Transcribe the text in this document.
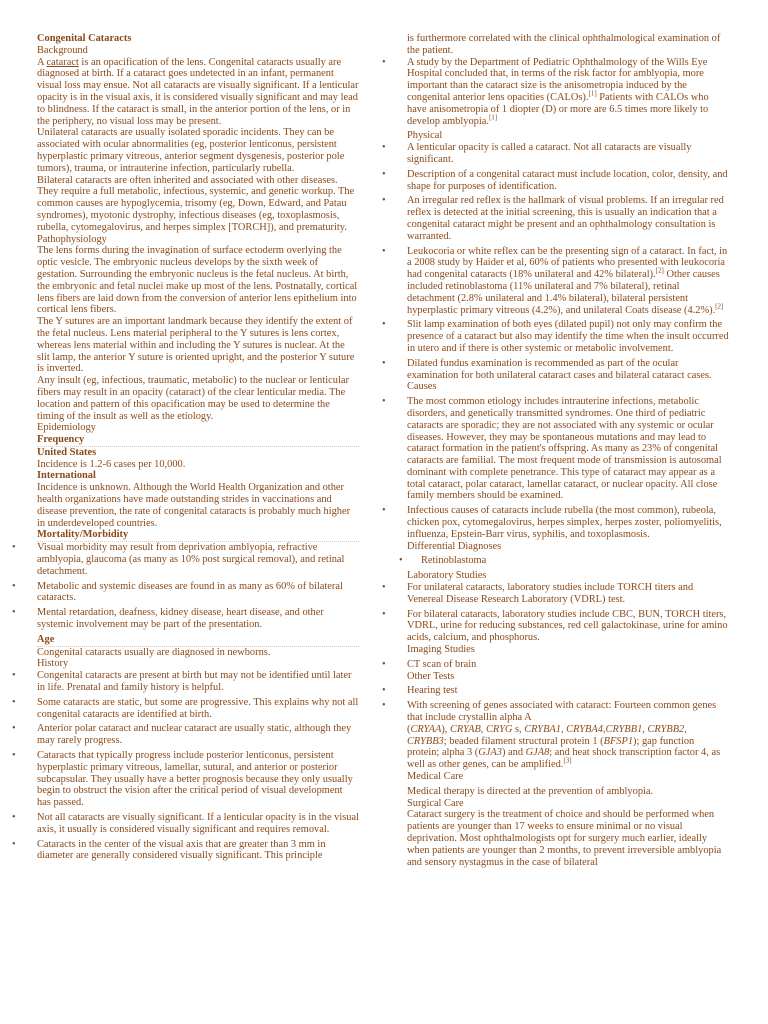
Congenital Cataracts

Background

A cataract is an opacification of the lens. Congenital cataracts usually are diagnosed at birth. If a cataract goes undetected in an infant, permanent visual loss may ensue. Not all cataracts are visually significant. If a lenticular opacity is in the visual axis, it is considered visually significant and may lead to blindness. If the cataract is small, in the anterior portion of the lens, or in the periphery, no visual loss may be present.

Unilateral cataracts are usually isolated sporadic incidents. They can be associated with ocular abnormalities (eg, posterior lenticonus, persistent hyperplastic primary vitreous, anterior segment dysgenesis, posterior pole tumors), trauma, or intrauterine infection, particularly rubella.

Bilateral cataracts are often inherited and associated with other diseases. They require a full metabolic, infectious, systemic, and genetic workup. The common causes are hypoglycemia, trisomy (eg, Down, Edward, and Patau syndromes), myotonic dystrophy, infectious diseases (eg, toxoplasmosis, rubella, cytomegalovirus, and herpes simplex [TORCH]), and prematurity.

Pathophysiology

The lens forms during the invagination of surface ectoderm overlying the optic vesicle. The embryonic nucleus develops by the sixth week of gestation. Surrounding the embryonic nucleus is the fetal nucleus. At birth, the embryonic and fetal nuclei make up most of the lens. Postnatally, cortical lens fibers are laid down from the conversion of anterior lens epithelium into cortical lens fibers.

The Y sutures are an important landmark because they identify the extent of the fetal nucleus. Lens material peripheral to the Y sutures is lens cortex, whereas lens material within and including the Y sutures is nuclear. At the slit lamp, the anterior Y suture is oriented upright, and the posterior Y suture is inverted.

Any insult (eg, infectious, traumatic, metabolic) to the nuclear or lenticular fibers may result in an opacity (cataract) of the clear lenticular media. The location and pattern of this opacification may be used to determine the timing of the insult as well as the etiology.

Epidemiology

Frequency

United States

Incidence is 1.2-6 cases per 10,000.

International

Incidence is unknown. Although the World Health Organization and other health organizations have made outstanding strides in vaccinations and disease prevention, the rate of congenital cataracts is probably much higher in underdeveloped countries.

Mortality/Morbidity

• Visual morbidity may result from deprivation amblyopia, refractive amblyopia, glaucoma (as many as 10% post surgical removal), and retinal detachment.
• Metabolic and systemic diseases are found in as many as 60% of bilateral cataracts.
• Mental retardation, deafness, kidney disease, heart disease, and other systemic involvement may be part of the presentation.

Age

Congenital cataracts usually are diagnosed in newborns.

History

• Congenital cataracts are present at birth but may not be identified until later in life. Prenatal and family history is helpful.
• Some cataracts are static, but some are progressive. This explains why not all congenital cataracts are identified at birth.
• Anterior polar cataract and nuclear cataract are usually static, although they may rarely progress.
• Cataracts that typically progress include posterior lenticonus, persistent hyperplastic primary vitreous, lamellar, sutural, and anterior or posterior subcapsular. They usually have a better prognosis because they only usually begin to obstruct the vision after the critical period of visual development has passed.
• Not all cataracts are visually significant. If a lenticular opacity is in the visual axis, it usually is considered visually significant and requires removal.
• Cataracts in the center of the visual axis that are greater than 3 mm in diameter are generally considered visually significant. This principle

is furthermore correlated with the clinical ophthalmological examination of the patient.

• A study by the Department of Pediatric Ophthalmology of the Wills Eye Hospital concluded that, in terms of the risk factor for amblyopia, more important than the cataract size is the anisometropia induced by the congenital anterior lens opacities (CALOs).[1] Patients with CALOs who have anisometropia of 1 diopter (D) or more are 6.5 times more likely to develop amblyopia.[1]

Physical

• A lenticular opacity is called a cataract. Not all cataracts are visually significant.
• Description of a congenital cataract must include location, color, density, and shape for purposes of identification.
• An irregular red reflex is the hallmark of visual problems. If an irregular red reflex is detected at the initial screening, this is usually an indication that a congenital cataract might be present and an ophthalmology consultation is warranted.
• Leukocoria or white reflex can be the presenting sign of a cataract. In fact, in a 2008 study by Haider et al, 60% of patients who presented with leukocoria had congenital cataracts (18% unilateral and 42% bilateral).[2] Other causes included retinoblastoma (11% unilateral and 7% bilateral), retinal detachment (2.8% unilateral and 1.4% bilateral), bilateral persistent hyperplastic primary vitreous (4.2%), and unilateral Coats disease (4.2%).[2]
• Slit lamp examination of both eyes (dilated pupil) not only may confirm the presence of a cataract but also may identify the time when the insult occurred in utero and if there is other systemic or metabolic involvement.
• Dilated fundus examination is recommended as part of the ocular examination for both unilateral cataract cases and bilateral cataract cases.
Causes
• The most common etiology includes intrauterine infections, metabolic disorders, and genetically transmitted syndromes. One third of pediatric cataracts are sporadic; they are not associated with any systemic or ocular diseases. However, they may be spontaneous mutations and may lead to cataract formation in the patient's offspring. As many as 23% of congenital cataracts are familial. The most frequent mode of transmission is autosomal dominant with complete penetrance. This type of cataract may appear as a total cataract, polar cataract, lamellar cataract, or nuclear opacity. All close family members should be examined.
• Infectious causes of cataracts include rubella (the most common), rubeola, chicken pox, cytomegalovirus, herpes simplex, herpes zoster, poliomyelitis, influenza, Epstein-Barr virus, syphilis, and toxoplasmosis.
Differential Diagnoses
• Retinoblastoma

Laboratory Studies

• For unilateral cataracts, laboratory studies include TORCH titers and Venereal Disease Research Laboratory (VDRL) test.
• For bilateral cataracts, laboratory studies include CBC, BUN, TORCH titers, VDRL, urine for reducing substances, red cell galactokinase, urine for amino acids, calcium, and phosphorus.
Imaging Studies
• CT scan of brain
Other Tests
• Hearing test
• With screening of genes associated with cataract: Fourteen common genes that include crystallin alpha A
(CRYAA), CRYAB, CRYG s, CRYBA1, CRYBA4,CRYBB1, CRYBB2, CRYBB3; beaded filament structural protein 1 (BFSP1); gap function protein; alpha 3 (GJA3) and GJA8; and heat shock transcription factor 4, as well as other genes, can be amplified.[3]
Medical Care

Medical therapy is directed at the prevention of amblyopia.

Surgical Care

Cataract surgery is the treatment of choice and should be performed when patients are younger than 17 weeks to ensure minimal or no visual deprivation. Most ophthalmologists opt for surgery much earlier, ideally when patients are younger than 2 months, to prevent irreversible amblyopia and sensory nystagmus in the case of bilateral
